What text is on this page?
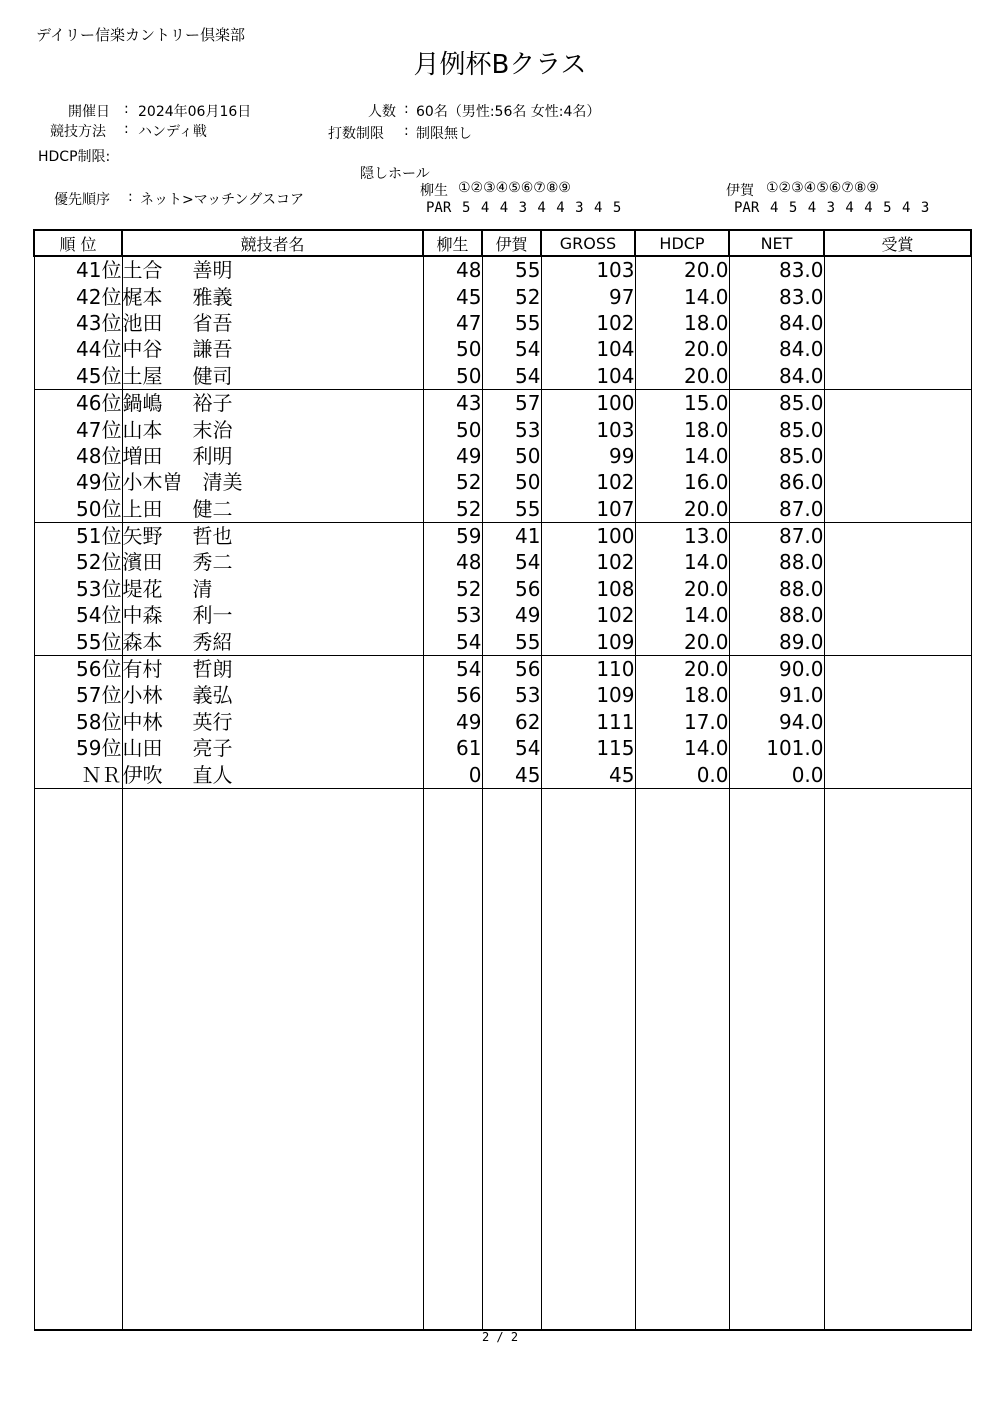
デイリー信楽カントリー倶楽部
月例杯Bクラス
開催日 : 2024年06月16日
競技方法 : ハンディ戦
HDCP制限:
人数 : 60名（男性:56名 女性:4名）
打数制限 : 制限無し
優先順序 : ネット>マッチングスコア
隠しホール
柳生 ①②③④⑤⑥⑦⑧⑨
PAR 5 4 4 3 4 4 3 4 5
伊賀 ①②③④⑤⑥⑦⑧⑨
PAR 4 5 4 3 4 4 5 4 3
順 位	競技者名	柳生	伊賀	GROSS	HDCP	NET	受賞
41位	土合 善明	48	55	103	20.0	83.0	
42位	梶本 雅義	45	52	97	14.0	83.0	
43位	池田 省吾	47	55	102	18.0	84.0	
44位	中谷 謙吾	50	54	104	20.0	84.0	
45位	土屋 健司	50	54	104	20.0	84.0	
46位	鍋嶋 裕子	43	57	100	15.0	85.0	
47位	山本 末治	50	53	103	18.0	85.0	
48位	増田 利明	49	50	99	14.0	85.0	
49位	小木曽 清美	52	50	102	16.0	86.0	
50位	上田 健二	52	55	107	20.0	87.0	
51位	矢野 哲也	59	41	100	13.0	87.0	
52位	濱田 秀二	48	54	102	14.0	88.0	
53位	堤花 清	52	56	108	20.0	88.0	
54位	中森 利一	53	49	102	14.0	88.0	
55位	森本 秀紹	54	55	109	20.0	89.0	
56位	有村 哲朗	54	56	110	20.0	90.0	
57位	小林 義弘	56	53	109	18.0	91.0	
58位	中林 英行	49	62	111	17.0	94.0	
59位	山田 亮子	61	54	115	14.0	101.0	
ＮＲ	伊吹 直人	0	45	45	0.0	0.0	

2 / 2
